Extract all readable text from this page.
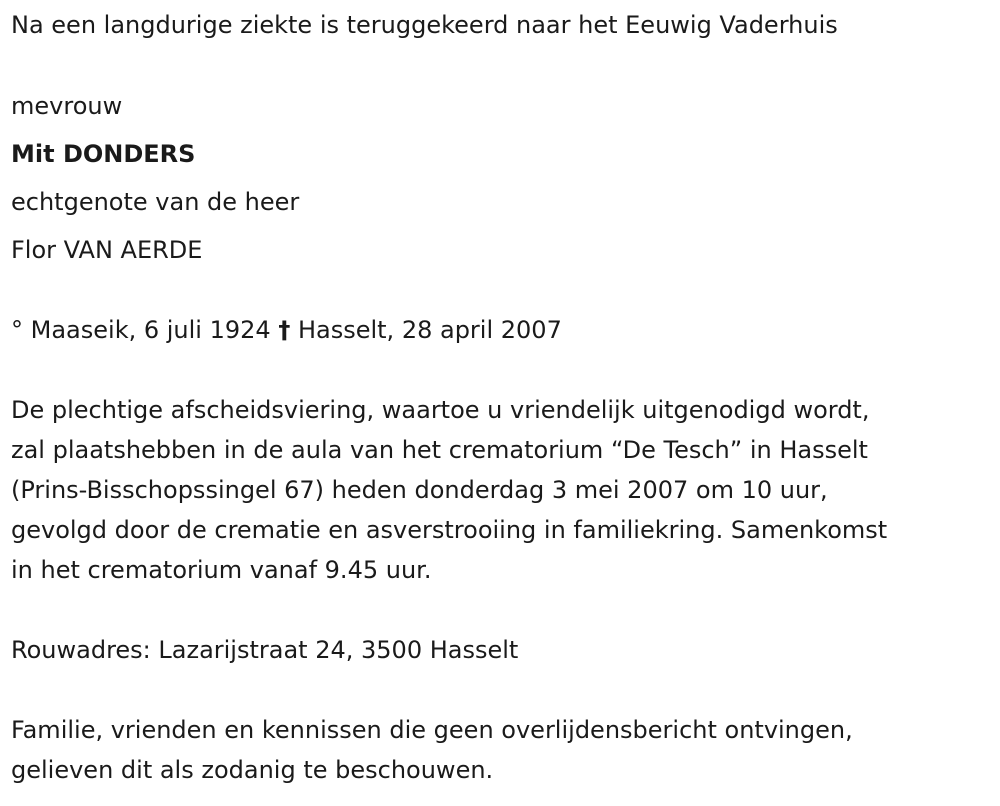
Na een langdurige ziekte is teruggekeerd naar het Eeuwig Vaderhuis
mevrouw
Mit DONDERS
echtgenote van de heer
Flor VAN AERDE
° Maaseik, 6 juli 1924 † Hasselt, 28 april 2007
De plechtige afscheidsviering, waartoe u vriendelijk uitgenodigd wordt,
zal plaatshebben in de aula van het crematorium “De Tesch” in Hasselt
(Prins-Bisschopssingel 67) heden donderdag 3 mei 2007 om 10 uur,
gevolgd door de crematie en asverstrooiing in familiekring. Samenkomst
in het crematorium vanaf 9.45 uur.
Rouwadres: Lazarijstraat 24, 3500 Hasselt
Familie, vrienden en kennissen die geen overlijdensbericht ontvingen,
gelieven dit als zodanig te beschouwen.
